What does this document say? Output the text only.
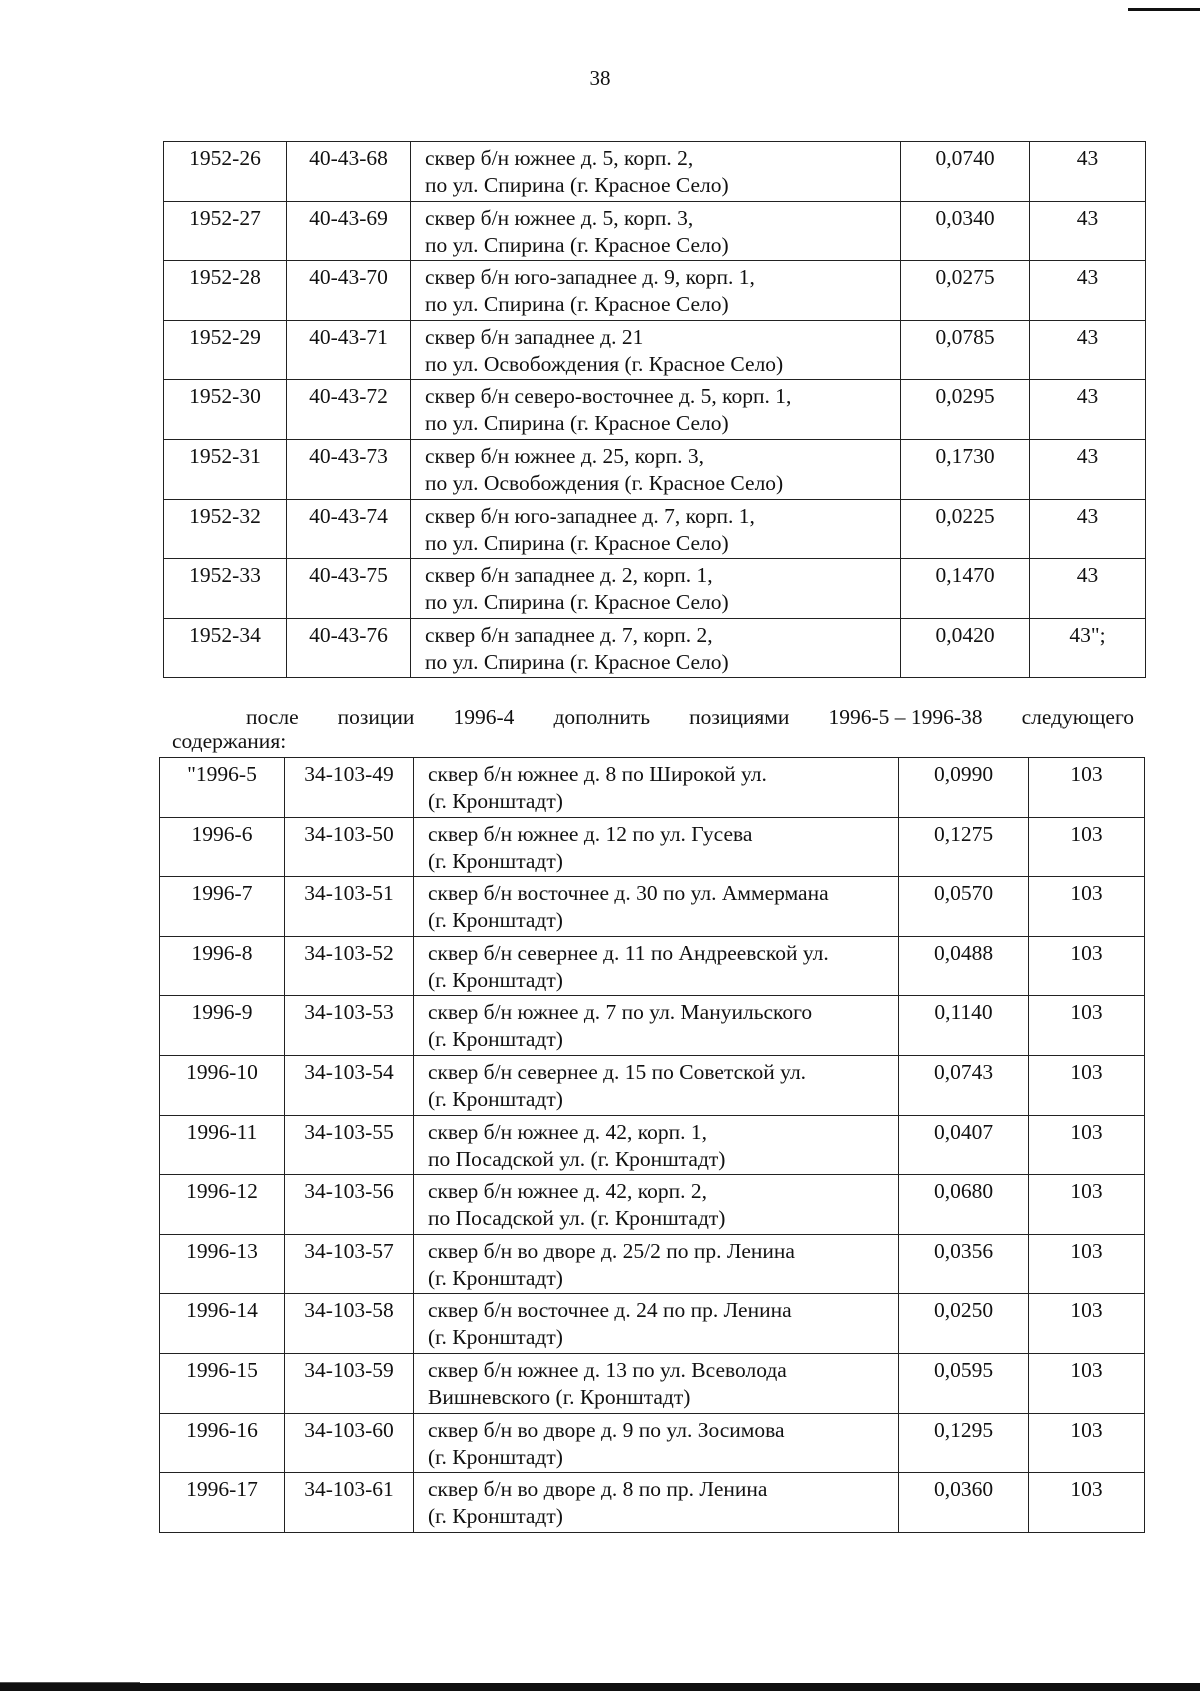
38
1952-26	40-43-68	сквер б/н южнее д. 5, корп. 2,
по ул. Спирина (г. Красное Село)	0,0740	43
1952-27	40-43-69	сквер б/н южнее д. 5, корп. 3,
по ул. Спирина (г. Красное Село)	0,0340	43
1952-28	40-43-70	сквер б/н юго-западнее д. 9, корп. 1,
по ул. Спирина (г. Красное Село)	0,0275	43
1952-29	40-43-71	сквер б/н западнее д. 21
по ул. Освобождения (г. Красное Село)	0,0785	43
1952-30	40-43-72	сквер б/н северо-восточнее д. 5, корп. 1,
по ул. Спирина (г. Красное Село)	0,0295	43
1952-31	40-43-73	сквер б/н южнее д. 25, корп. 3,
по ул. Освобождения (г. Красное Село)	0,1730	43
1952-32	40-43-74	сквер б/н юго-западнее д. 7, корп. 1,
по ул. Спирина (г. Красное Село)	0,0225	43
1952-33	40-43-75	сквер б/н западнее д. 2, корп. 1,
по ул. Спирина (г. Красное Село)	0,1470	43
1952-34	40-43-76	сквер б/н западнее д. 7, корп. 2,
по ул. Спирина (г. Красное Село)	0,0420	43";
после позиции 1996-4 дополнить позициями 1996-5 – 1996-38 следующего
содержания:
"1996-5	34-103-49	сквер б/н южнее д. 8 по Широкой ул.
(г. Кронштадт)	0,0990	103
1996-6	34-103-50	сквер б/н южнее д. 12 по ул. Гусева
(г. Кронштадт)	0,1275	103
1996-7	34-103-51	сквер б/н восточнее д. 30 по ул. Аммермана
(г. Кронштадт)	0,0570	103
1996-8	34-103-52	сквер б/н севернее д. 11 по Андреевской ул.
(г. Кронштадт)	0,0488	103
1996-9	34-103-53	сквер б/н южнее д. 7 по ул. Мануильского
(г. Кронштадт)	0,1140	103
1996-10	34-103-54	сквер б/н севернее д. 15 по Советской ул.
(г. Кронштадт)	0,0743	103
1996-11	34-103-55	сквер б/н южнее д. 42, корп. 1,
по Посадской ул. (г. Кронштадт)	0,0407	103
1996-12	34-103-56	сквер б/н южнее д. 42, корп. 2,
по Посадской ул. (г. Кронштадт)	0,0680	103
1996-13	34-103-57	сквер б/н во дворе д. 25/2 по пр. Ленина
(г. Кронштадт)	0,0356	103
1996-14	34-103-58	сквер б/н восточнее д. 24 по пр. Ленина
(г. Кронштадт)	0,0250	103
1996-15	34-103-59	сквер б/н южнее д. 13 по ул. Всеволода
Вишневского (г. Кронштадт)	0,0595	103
1996-16	34-103-60	сквер б/н во дворе д. 9 по ул. Зосимова
(г. Кронштадт)	0,1295	103
1996-17	34-103-61	сквер б/н во дворе д. 8 по пр. Ленина
(г. Кронштадт)	0,0360	103
